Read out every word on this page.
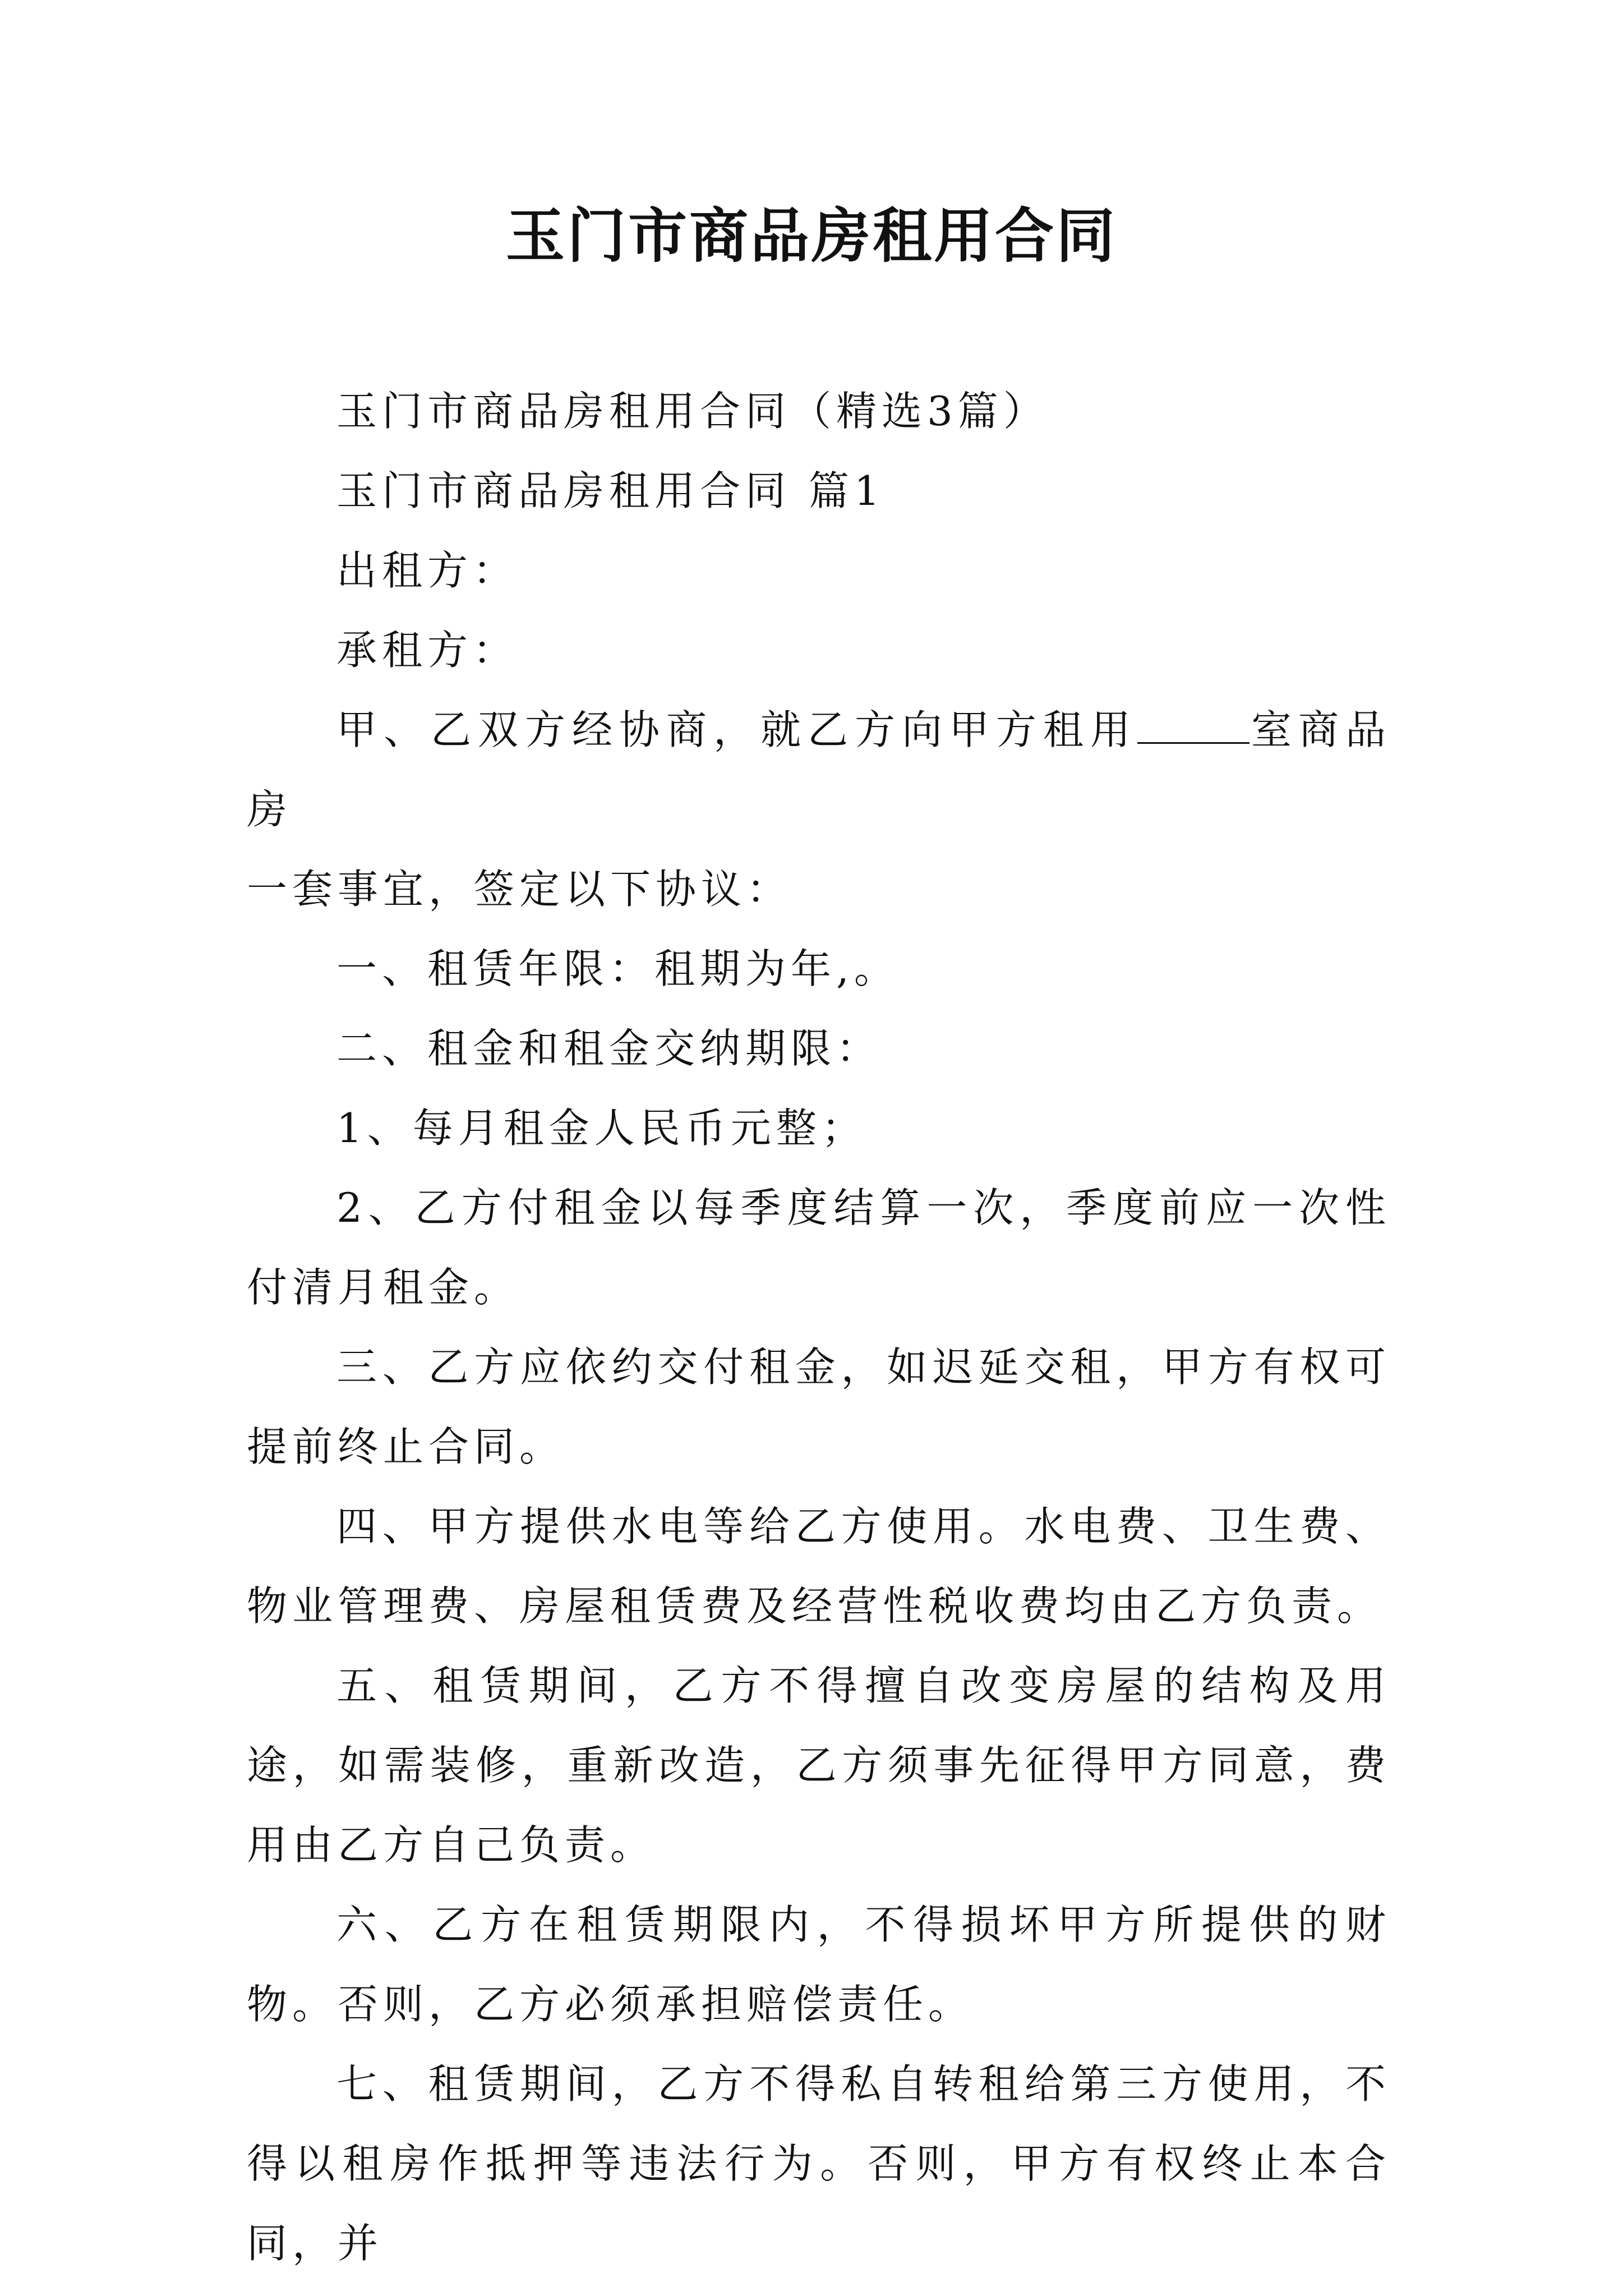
玉门市商品房租用合同

玉门市商品房租用合同（精选3篇）

玉门市商品房租用合同 篇1

出租方：

承租方：

甲、乙双方经协商，就乙方向甲方租用	室商品房

一套事宜，签定以下协议：

一、租赁年限：租期为年,。

二、租金和租金交纳期限：

1、每月租金人民币元整；

2、乙方付租金以每季度结算一次，季度前应一次性付清月租金。

三、乙方应依约交付租金，如迟延交租，甲方有权可提前终止合同。

四、甲方提供水电等给乙方使用。水电费、卫生费、物业管理费、房屋租赁费及经营性税收费均由乙方负责。

五、租赁期间，乙方不得擅自改变房屋的结构及用途，如需装修，重新改造，乙方须事先征得甲方同意，费用由乙方自己负责。

六、乙方在租赁期限内，不得损坏甲方所提供的财物。否则，乙方必须承担赔偿责任。

七、租赁期间，乙方不得私自转租给第三方使用，不得以租房作抵押等违法行为。否则，甲方有权终止本合同，并
